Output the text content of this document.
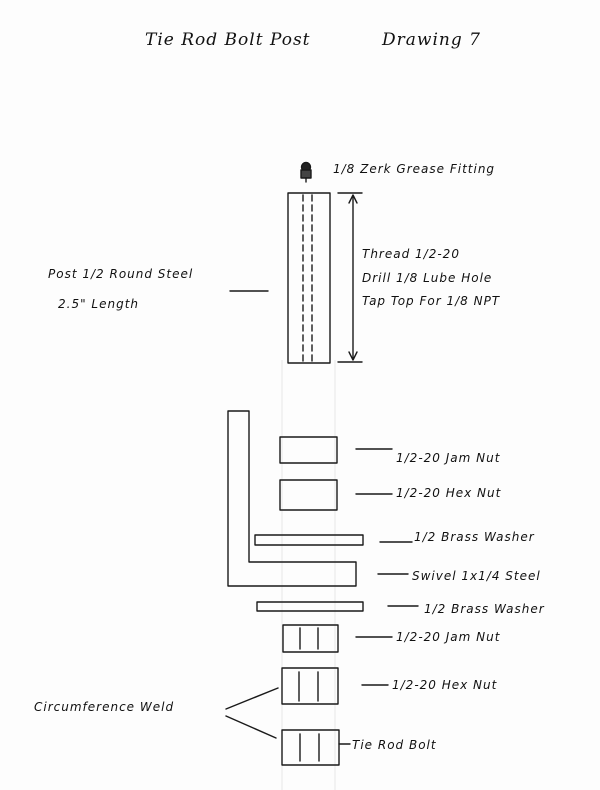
Tie Rod Bolt Post	Drawing 7
1/8 Zerk Grease Fitting
Post 1/2 Round Steel
2.5" Length
Thread 1/2-20
Drill 1/8 Lube Hole
Tap Top For 1/8 NPT
1/2-20 Jam Nut
1/2-20 Hex Nut
1/2 Brass Washer
Swivel 1x1/4 Steel
1/2 Brass Washer
1/2-20 Jam Nut
1/2-20 Hex Nut
Tie Rod Bolt
Circumference Weld
